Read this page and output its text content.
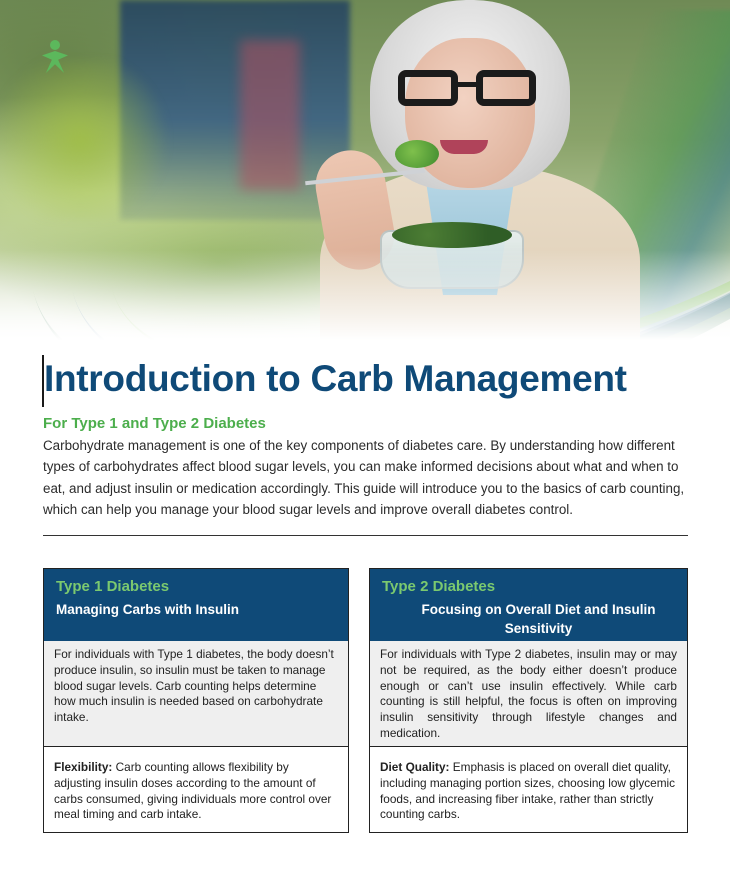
Introduction to Carb Management

For Type 1 and Type 2 Diabetes

Carbohydrate management is one of the key components of diabetes care. By understanding how different types of carbohydrates affect blood sugar levels, you can make informed decisions about what and when to eat, and adjust insulin or medication accordingly. This guide will introduce you to the basics of carb counting, which can help you manage your blood sugar levels and improve overall diabetes control.

Type 1 Diabetes

Managing Carbs with Insulin

For individuals with Type 1 diabetes, the body doesn’t produce insulin, so insulin must be taken to manage blood sugar levels. Carb counting helps determine how much insulin is needed based on carbohydrate intake.
Flexibility: Carb counting allows flexibility by adjusting insulin doses according to the amount of carbs consumed, giving individuals more control over meal timing and carb intake.

Type 2 Diabetes

Focusing on Overall Diet and Insulin Sensitivity

For individuals with Type 2 diabetes, insulin may or may not be required, as the body either doesn’t produce enough or can’t use insulin effectively. While carb counting is still helpful, the focus is often on improving insulin sensitivity through lifestyle changes and medication.
Diet Quality: Emphasis is placed on overall diet quality, including managing portion sizes, choosing low glycemic foods, and increasing fiber intake, rather than strictly counting carbs.
